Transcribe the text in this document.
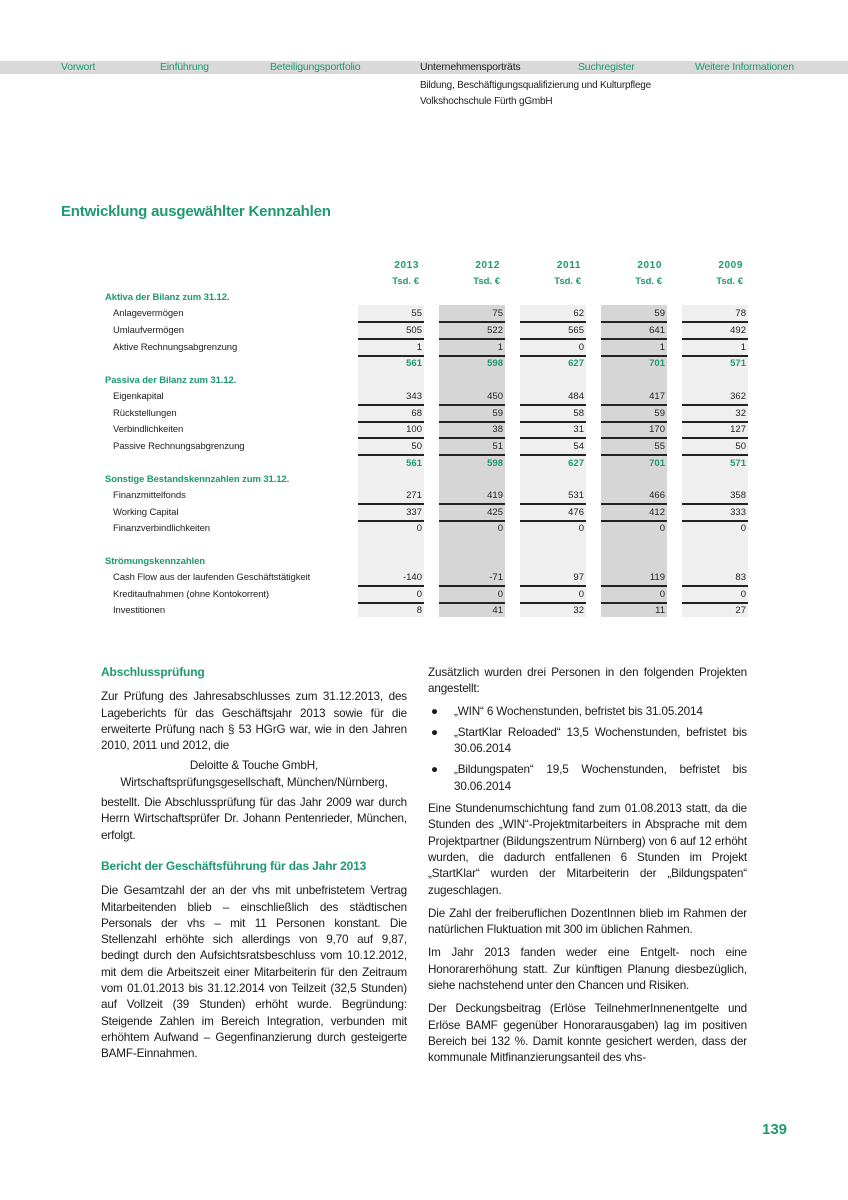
Vorwort	Einführung	Beteiligungsportfolio	Unternehmensporträts	Suchregister	Weitere Informationen
Bildung, Beschäftigungsqualifizierung und Kulturpflege
Volkshochschule Fürth gGmbH
Entwicklung ausgewählter Kennzahlen
2013	2012	2011	2010	2009
Tsd. €	Tsd. €	Tsd. €	Tsd. €	Tsd. €
Aktiva der Bilanz zum 31.12.
Anlagevermögen	55	75	62	59	78
Umlaufvermögen	505	522	565	641	492
Aktive Rechnungsabgrenzung	1	1	0	1	1
561	598	627	701	571
Passiva der Bilanz zum 31.12.
Eigenkapital	343	450	484	417	362
Rückstellungen	68	59	58	59	32
Verbindlichkeiten	100	38	31	170	127
Passive Rechnungsabgrenzung	50	51	54	55	50
561	598	627	701	571
Sonstige Bestandskennzahlen zum 31.12.
Finanzmittelfonds	271	419	531	466	358
Working Capital	337	425	476	412	333
Finanzverbindlichkeiten	0	0	0	0	0
Strömungskennzahlen
Cash Flow aus der laufenden Geschäftstätigkeit	-140	-71	97	119	83
Kreditaufnahmen (ohne Kontokorrent)	0	0	0	0	0
Investitionen	8	41	32	11	27
Abschlussprüfung

Zur Prüfung des Jahresabschlusses zum 31.12.2013, des Lageberichts für das Geschäftsjahr 2013 sowie für die erweiterte Prüfung nach § 53 HGrG war, wie in den Jahren 2010, 2011 und 2012, die

Deloitte & Touche GmbH, Wirtschaftsprüfungsgesellschaft, München/Nürnberg,

bestellt. Die Abschlussprüfung für das Jahr 2009 war durch Herrn Wirtschaftsprüfer Dr. Johann Pentenrieder, München, erfolgt.

Bericht der Geschäftsführung für das Jahr 2013

Die Gesamtzahl der an der vhs mit unbefristetem Vertrag Mitarbeitenden blieb – einschließlich des städtischen Personals der vhs – mit 11 Personen konstant. Die Stellenzahl erhöhte sich allerdings von 9,70 auf 9,87, bedingt durch den Aufsichtsratsbeschluss vom 10.12.2012, mit dem die Arbeitszeit einer Mitarbeiterin für den Zeitraum vom 01.01.2013 bis 31.12.2014 von Teilzeit (32,5 Stunden) auf Vollzeit (39 Stunden) erhöht wurde. Begründung: Steigende Zahlen im Bereich Integration, verbunden mit erhöhtem Aufwand – Gegenfinanzierung durch gesteigerte BAMF-Einnahmen.

Zusätzlich wurden drei Personen in den folgenden Projekten angestellt:

● „WIN“ 6 Wochenstunden, befristet bis 31.05.2014
● „StartKlar Reloaded“ 13,5 Wochenstunden, befristet bis 30.06.2014
● „Bildungspaten“ 19,5 Wochenstunden, befristet bis 30.06.2014

Eine Stundenumschichtung fand zum 01.08.2013 statt, da die Stunden des „WIN“-Projektmitarbeiters in Absprache mit dem Projektpartner (Bildungszentrum Nürnberg) von 6 auf 12 erhöht wurden, die dadurch entfallenen 6 Stunden im Projekt „StartKlar“ wurden der Mitarbeiterin der „Bildungspaten“ zugeschlagen.

Die Zahl der freiberuflichen DozentInnen blieb im Rahmen der natürlichen Fluktuation mit 300 im üblichen Rahmen.

Im Jahr 2013 fanden weder eine Entgelt- noch eine Honorarerhöhung statt. Zur künftigen Planung diesbezüglich, siehe nachstehend unter den Chancen und Risiken.

Der Deckungsbeitrag (Erlöse TeilnehmerInnenentgelte und Erlöse BAMF gegenüber Honorarausgaben) lag im positiven Bereich bei 132 %. Damit konnte gesichert werden, dass der kommunale Mitfinanzierungsanteil des vhs-

139
